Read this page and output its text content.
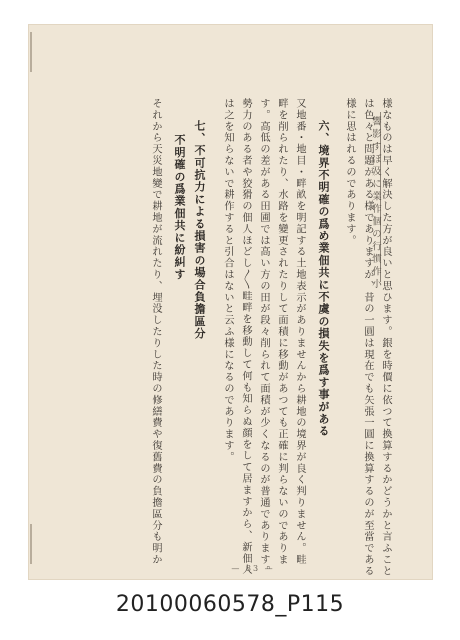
響影すぼ及に業作個の行慣作小 様なものは早く解決した方が良いと思ひます。銀を時價に依つて換算するかどうかと言ふこと
は色々と問題がある様でありますが、昔の一圓は現在でも矢張一圓に換算するのが至當である
様に思はれるのであります。
六、境界不明確の爲め業佃共に不虞の損失を爲す事がある
又地番・地目・畔畝を明記する土地表示がありませんから耕地の境界が良く判りません。畦
畔を削られたり、水路を變更されたりして面積に移動があつても正確に判らないのでありま
す。高低の差がある田圃では高い方の田が段々削られて面積が少くなるのが普通であります。
勢力のある者や狡猾の佃人ほどし〳〵畦畔を移動して何も知らぬ顔をして居ますから、新佃人
は之を知らないで耕作すると引合はないと云ふ様になるのであります。
七、不可抗力による損害の場合負擔區分
不明確の爲業佃共に紛糾す
それから天災地變で耕地が流れたり、埋没したりした時の修繕費や復舊費の負擔區分も明か
— 83 —
20100060578_P115
